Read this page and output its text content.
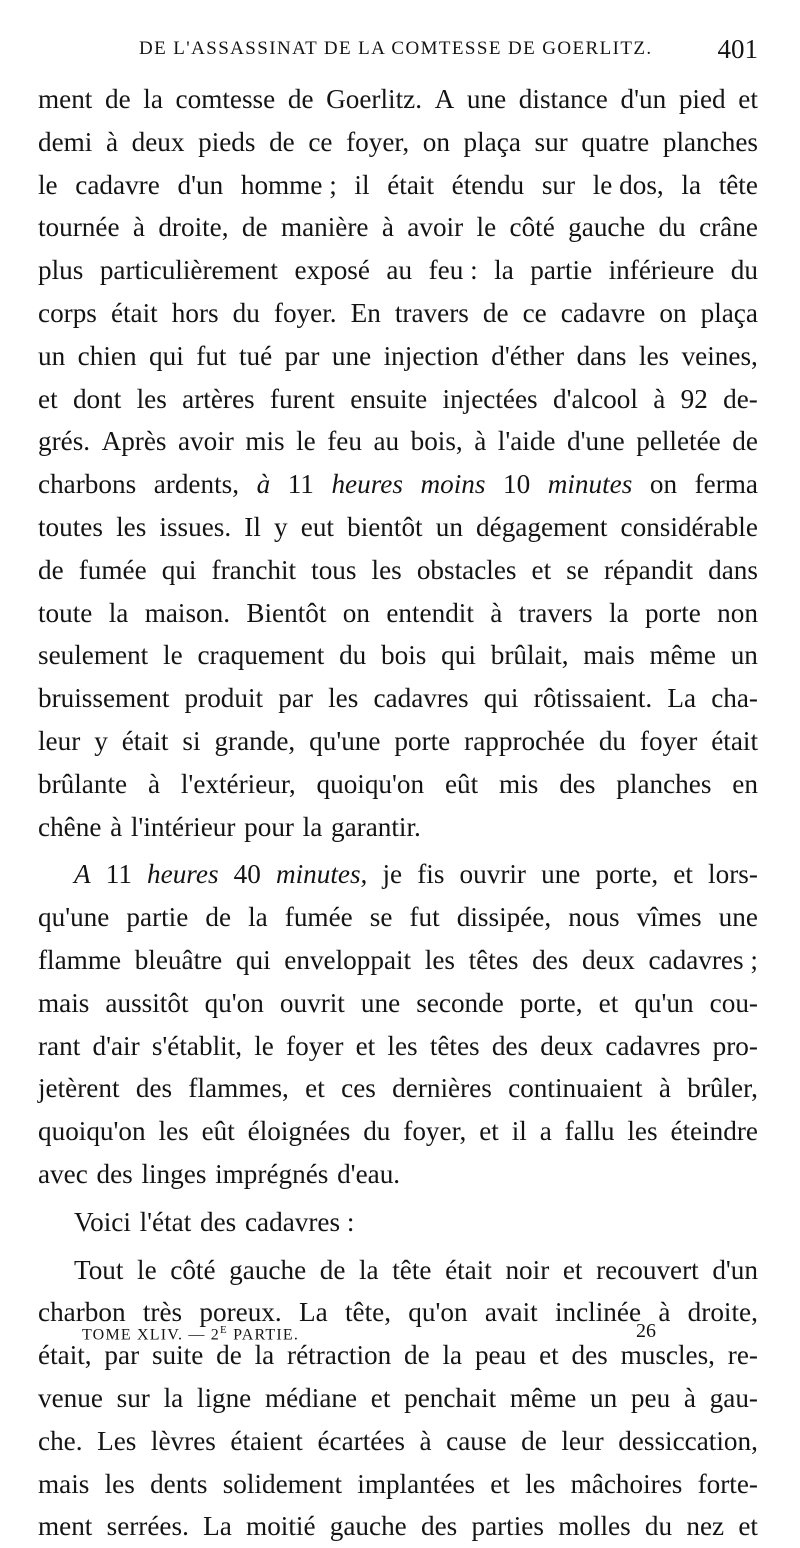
DE L'ASSASSINAT DE LA COMTESSE DE GOERLITZ. 401
ment de la comtesse de Goerlitz. A une distance d'un pied et
demi à deux pieds de ce foyer, on plaça sur quatre planches
le cadavre d'un homme ; il était étendu sur le dos, la tête
tournée à droite, de manière à avoir le côté gauche du crâne
plus particulièrement exposé au feu : la partie inférieure du
corps était hors du foyer. En travers de ce cadavre on plaça
un chien qui fut tué par une injection d'éther dans les veines,
et dont les artères furent ensuite injectées d'alcool à 92 de-
grés. Après avoir mis le feu au bois, à l'aide d'une pelletée de
charbons ardents, à 11 heures moins 10 minutes on ferma
toutes les issues. Il y eut bientôt un dégagement considérable
de fumée qui franchit tous les obstacles et se répandit dans
toute la maison. Bientôt on entendit à travers la porte non
seulement le craquement du bois qui brûlait, mais même un
bruissement produit par les cadavres qui rôtissaient. La cha-
leur y était si grande, qu'une porte rapprochée du foyer était
brûlante à l'extérieur, quoiqu'on eût mis des planches en
chêne à l'intérieur pour la garantir.
A 11 heures 40 minutes, je fis ouvrir une porte, et lors-
qu'une partie de la fumée se fut dissipée, nous vîmes une
flamme bleuâtre qui enveloppait les têtes des deux cadavres ;
mais aussitôt qu'on ouvrit une seconde porte, et qu'un cou-
rant d'air s'établit, le foyer et les têtes des deux cadavres pro-
jetèrent des flammes, et ces dernières continuaient à brûler,
quoiqu'on les eût éloignées du foyer, et il a fallu les éteindre
avec des linges imprégnés d'eau.
Voici l'état des cadavres :
Tout le côté gauche de la tête était noir et recouvert d'un
charbon très poreux. La tête, qu'on avait inclinée à droite,
était, par suite de la rétraction de la peau et des muscles, re-
venue sur la ligne médiane et penchait même un peu à gau-
che. Les lèvres étaient écartées à cause de leur dessiccation,
mais les dents solidement implantées et les mâchoires forte-
ment serrées. La moitié gauche des parties molles du nez et
TOME XLIV. — $2^E$ PARTIE.	26
